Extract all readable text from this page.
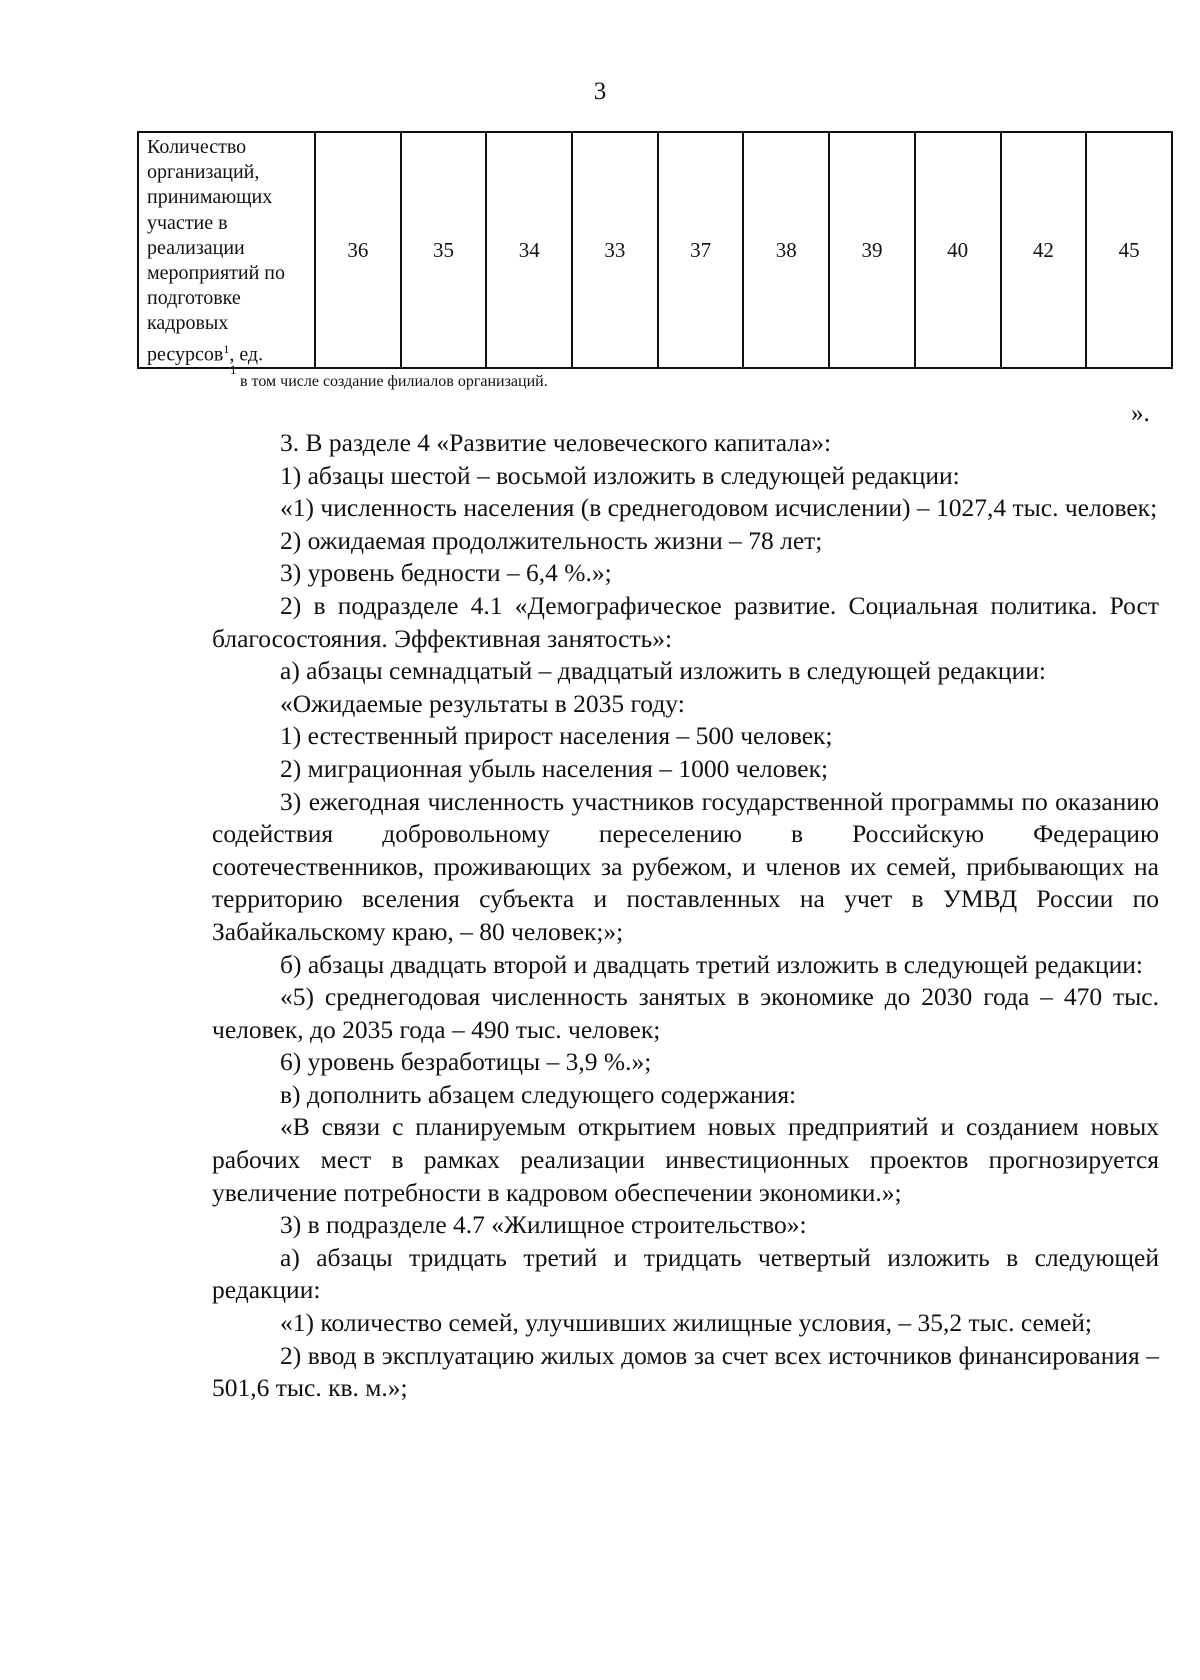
3
Количество организаций, принимающих участие в реализации мероприятий по подготовке кадровых ресурсов$^1$, ед.	36	35	34	33	37	38	39	40	42	45
1
в том числе создание филиалов организаций.
».

3. В разделе 4 «Развитие человеческого капитала»:

1) абзацы шестой – восьмой изложить в следующей редакции:

«1) численность населения (в среднегодовом исчислении) – 1027,4 тыс. человек;

2) ожидаемая продолжительность жизни – 78 лет;

3) уровень бедности – 6,4 %.»;

2) в подразделе 4.1 «Демографическое развитие. Социальная политика. Рост благосостояния. Эффективная занятость»:

а) абзацы семнадцатый – двадцатый изложить в следующей редакции:

«Ожидаемые результаты в 2035 году:

1) естественный прирост населения – 500 человек;

2) миграционная убыль населения – 1000 человек;

3) ежегодная численность участников государственной программы по оказанию содействия добровольному переселению в Российскую Федерацию соотечественников, проживающих за рубежом, и членов их семей, прибывающих на территорию вселения субъекта и поставленных на учет в УМВД России по Забайкальскому краю, – 80 человек;»;

б) абзацы двадцать второй и двадцать третий изложить в следующей редакции:

«5) среднегодовая численность занятых в экономике до 2030 года – 470 тыс. человек, до 2035 года – 490 тыс. человек;

6) уровень безработицы – 3,9 %.»;

в) дополнить абзацем следующего содержания:

«В связи с планируемым открытием новых предприятий и созданием новых рабочих мест в рамках реализации инвестиционных проектов прогнозируется увеличение потребности в кадровом обеспечении экономики.»;

3) в подразделе 4.7 «Жилищное строительство»:

а) абзацы тридцать третий и тридцать четвертый изложить в следующей редакции:

«1) количество семей, улучшивших жилищные условия, – 35,2 тыс. семей;

2) ввод в эксплуатацию жилых домов за счет всех источников финансирования – 501,6 тыс. кв. м.»;
